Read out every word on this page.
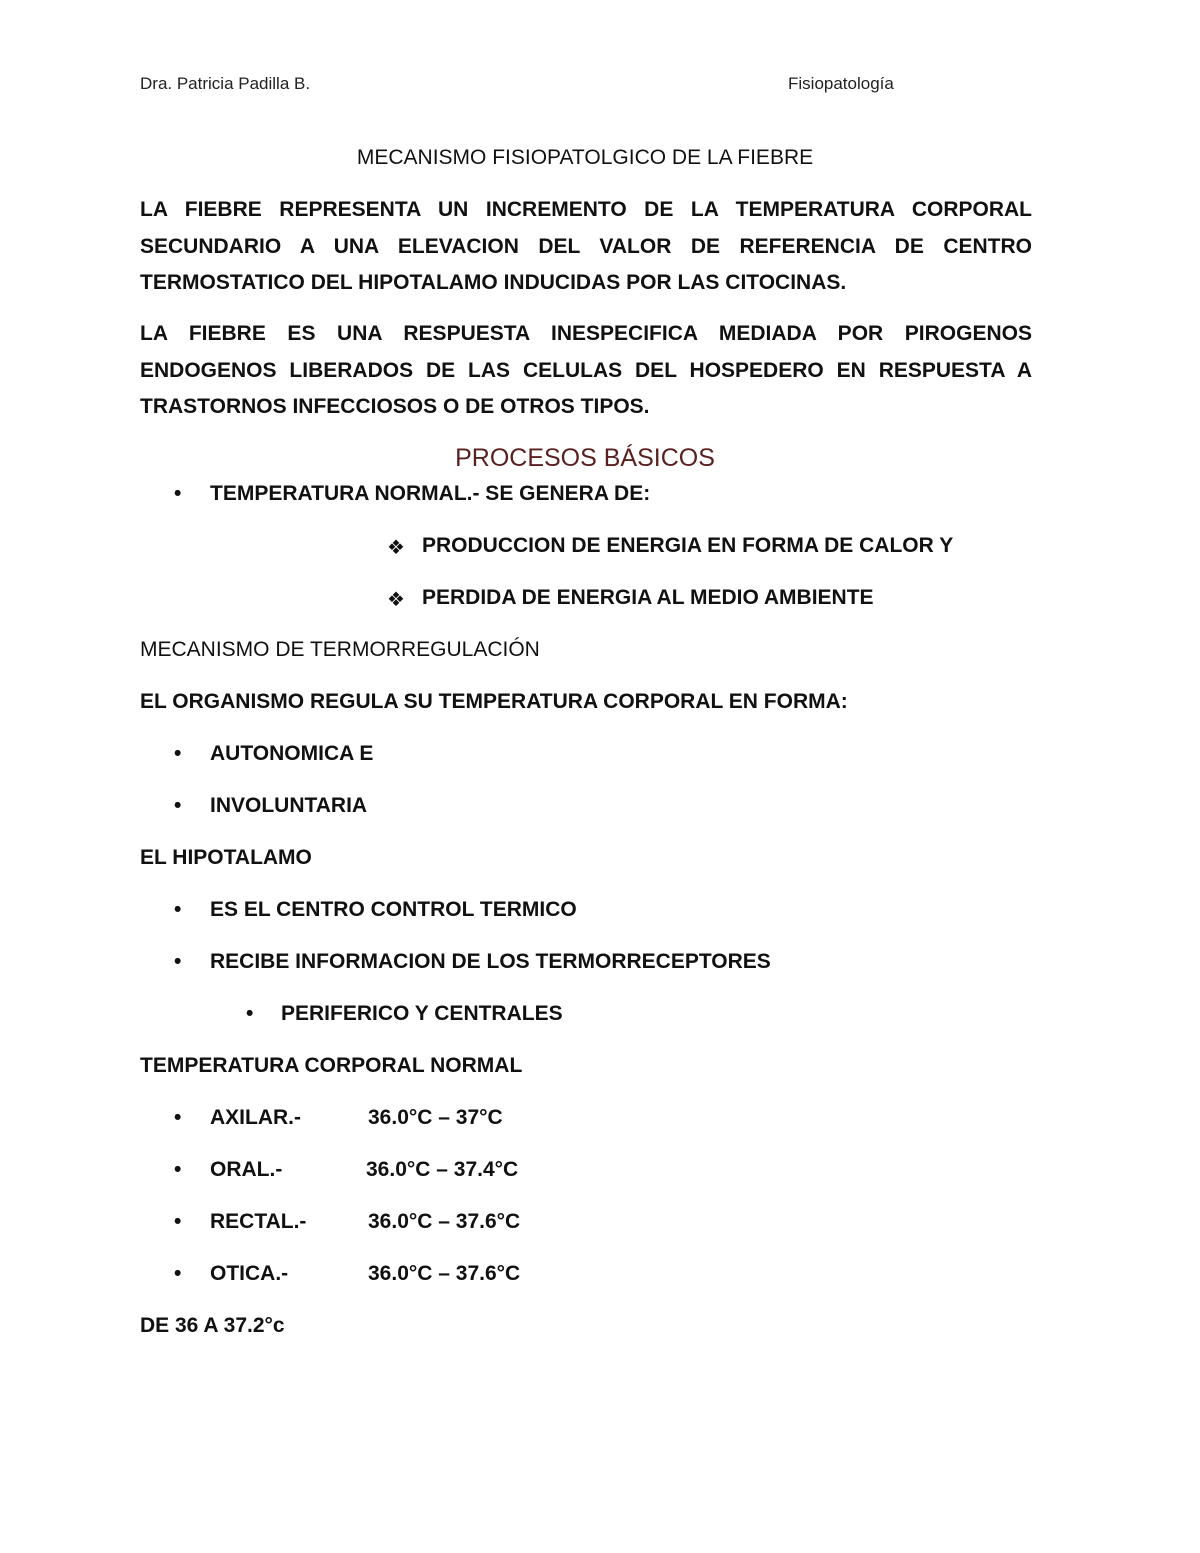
Dra. Patricia Padilla B.	Fisiopatología
MECANISMO FISIOPATOLGICO DE LA FIEBRE
LA FIEBRE REPRESENTA UN INCREMENTO DE LA TEMPERATURA CORPORAL SECUNDARIO A UNA ELEVACION DEL VALOR DE REFERENCIA DE CENTRO TERMOSTATICO DEL HIPOTALAMO INDUCIDAS POR LAS CITOCINAS.
LA FIEBRE ES UNA RESPUESTA INESPECIFICA MEDIADA POR PIROGENOS ENDOGENOS LIBERADOS DE LAS CELULAS DEL HOSPEDERO EN RESPUESTA A TRASTORNOS INFECCIOSOS O DE OTROS TIPOS.
PROCESOS BÁSICOS
• TEMPERATURA NORMAL.- SE GENERA DE:
❖ PRODUCCION DE ENERGIA EN FORMA DE CALOR Y
❖ PERDIDA DE ENERGIA AL MEDIO AMBIENTE
MECANISMO DE TERMORREGULACIÓN
EL ORGANISMO REGULA SU TEMPERATURA CORPORAL EN FORMA:
• AUTONOMICA E
• INVOLUNTARIA
EL HIPOTALAMO
• ES EL CENTRO CONTROL TERMICO
• RECIBE INFORMACION DE LOS TERMORRECEPTORES
• PERIFERICO Y CENTRALES
TEMPERATURA CORPORAL NORMAL
• AXILAR.-	36.0°C – 37°C
• ORAL.-	36.0°C – 37.4°C
• RECTAL.-	36.0°C – 37.6°C
• OTICA.-	36.0°C – 37.6°C
DE 36 A 37.2°c
